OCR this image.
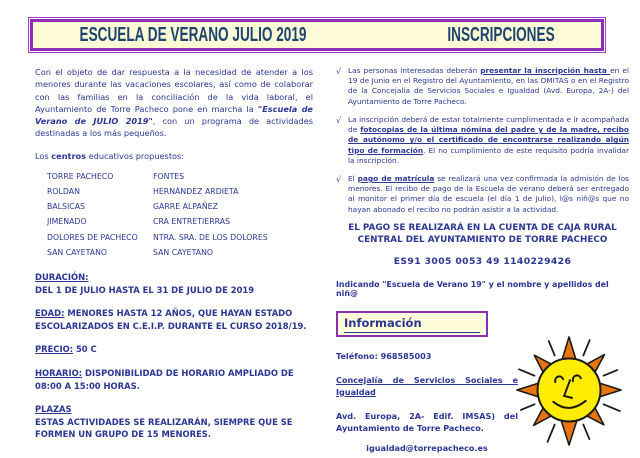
ESCUELA DE VERANO JULIO 2019	INSCRIPCIONES

Con el objeto de dar respuesta a la necesidad de atender a los menores durante las vacaciones escolares, así como de colaborar con las familias en la conciliación de la vida laboral, el Ayuntamiento de Torre Pacheco pone en marcha la "Escuela de Verano de JULIO 2019", con un programa de actividades destinadas a los más pequeños.

Los centros educativos propuestos:

TORRE PACHECO	FONTES
ROLDAN	HERNÁNDEZ ARDIETA
BALSICAS	GARRE ALPAÑEZ
JIMENADO	CRA ENTRETIERRAS
DOLORES DE PACHECO	NTRA. SRA. DE LOS DOLORES
SAN CAYETANO	SAN CAYETANO
DURACIÓN:
DEL 1 DE JULIO HASTA EL 31 DE JULIO DE 2019
EDAD: MENORES HASTA 12 AÑOS, QUE HAYAN ESTADO ESCOLARIZADOS EN C.E.I.P. DURANTE EL CURSO 2018/19.
PRECIO: 50 C
HORARIO: DISPONIBILIDAD DE HORARIO AMPLIADO DE 08:00 A 15:00 HORAS.
PLAZAS
ESTAS ACTIVIDADES SE REALIZARÁN, SIEMPRE QUE SE FORMEN UN GRUPO DE 15 MENORES.
√ Las personas interesadas deberán presentar la inscripción hasta en el 19 de Junio en el Registro del Ayuntamiento, en las OMITAS o en el Registro de la Concejalía de Servicios Sociales e Igualdad (Avd. Europa, 2A-) del Ayuntamiento de Torre Pacheco.

√ La inscripción deberá de estar totalmente cumplimentada e ir acompañada de fotocopias de la última nómina del padre y de la madre, recibo de autónomo y/o el certificado de encontrarse realizando algún tipo de formación. El no cumplimiento de este requisito podría invalidar la inscripción.

√ El pago de matrícula se realizará una vez confirmada la admisión de los menores. El recibo de pago de la Escuela de verano deberá ser entregado al monitor el primer día de escuela (el día 1 de Julio), l@s niñ@s que no hayan abonado el recibo no podrán asistir a la actividad.

EL PAGO SE REALIZARÁ EN LA CUENTA DE CAJA RURAL CENTRAL DEL AYUNTAMIENTO DE TORRE PACHECO
ES91 3005 0053 49 1140229426
Indicando "Escuela de Verano 19" y el nombre y apellidos del niñ@
Información
Teléfono: 968585003
Concejalía de Servicios Sociales e Igualdad
Avd. Europa, 2A- Edif. IMSAS) del Ayuntamiento de Torre Pacheco.
igualdad@torrepacheco.es
